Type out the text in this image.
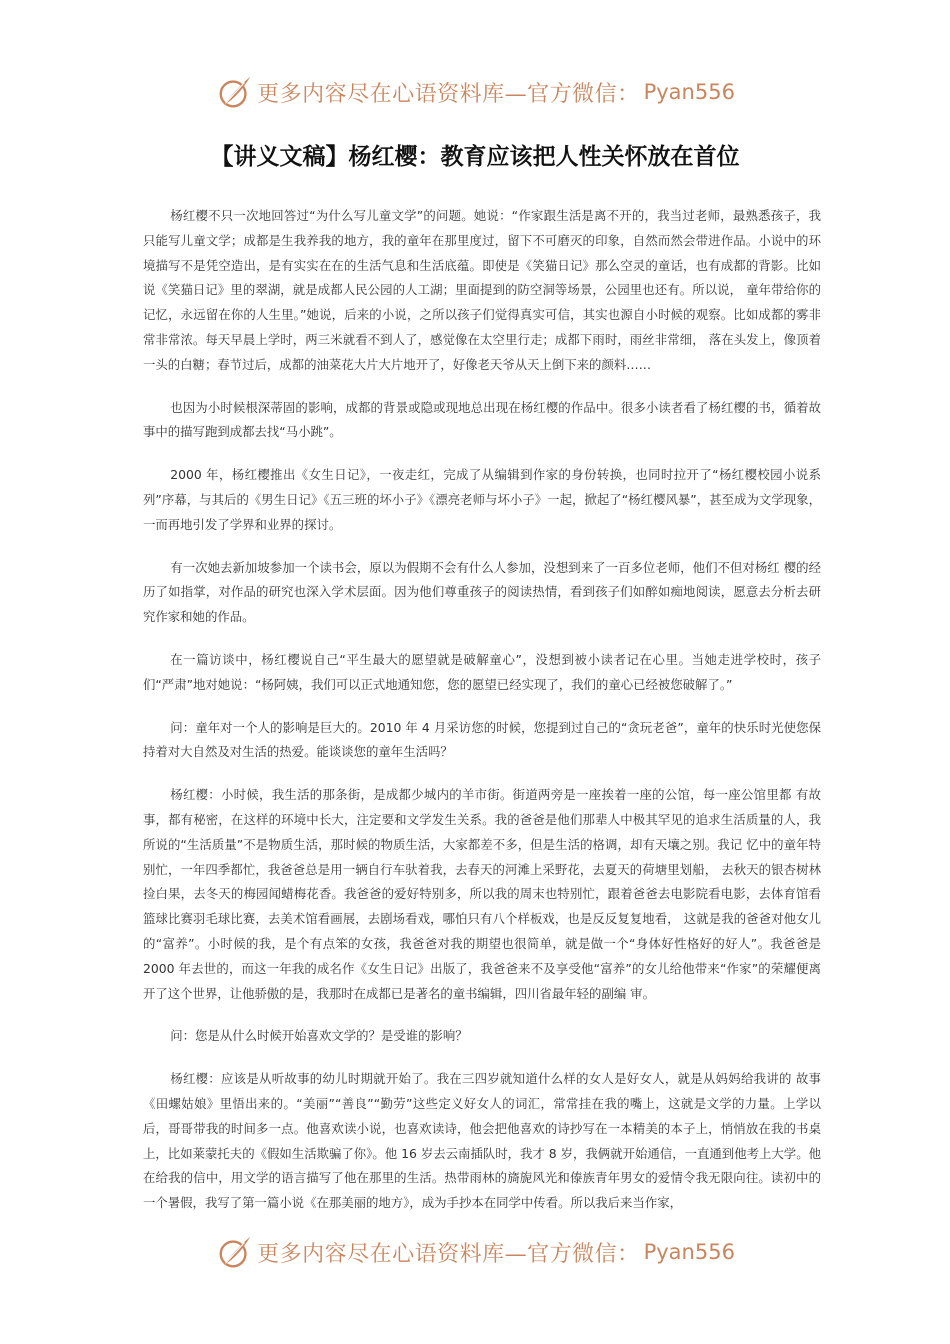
更多内容尽在心语资料库—官方微信： Pyan556
【讲义文稿】杨红樱：教育应该把人性关怀放在首位

杨红樱不只一次地回答过“为什么写儿童文学”的问题。她说：“作家跟生活是离不开的，我当过老师，最熟悉孩子，我只能写儿童文学；成都是生我养我的地方，我的童年在那里度过，留下不可磨灭的印象，自然而然会带进作品。小说中的环境描写不是凭空造出，是有实实在在的生活气息和生活底蕴。即使是《笑猫日记》那么空灵的童话，也有成都的背影。比如说《笑猫日记》里的翠湖，就是成都人民公园的人工湖；里面提到的防空洞等场景，公园里也还有。所以说， 童年带给你的记忆，永远留在你的人生里。”她说，后来的小说，之所以孩子们觉得真实可信，其实也源自小时候的观察。比如成都的雾非常非常浓。每天早晨上学时，两三米就看不到人了，感觉像在太空里行走；成都下雨时，雨丝非常细， 落在头发上，像顶着一头的白糖；春节过后，成都的油菜花大片大片地开了，好像老天爷从天上倒下来的颜料……

也因为小时候根深蒂固的影响，成都的背景或隐或现地总出现在杨红樱的作品中。很多小读者看了杨红樱的书，循着故事中的描写跑到成都去找“马小跳”。

2000 年，杨红樱推出《女生日记》，一夜走红，完成了从编辑到作家的身份转换，也同时拉开了“杨红樱校园小说系列”序幕，与其后的《男生日记》《五三班的坏小子》《漂亮老师与坏小子》一起，掀起了“杨红樱风暴”，甚至成为文学现象，一而再地引发了学界和业界的探讨。

有一次她去新加坡参加一个读书会，原以为假期不会有什么人参加，没想到来了一百多位老师，他们不但对杨红 樱的经历了如指掌，对作品的研究也深入学术层面。因为他们尊重孩子的阅读热情，看到孩子们如醉如痴地阅读，愿意去分析去研究作家和她的作品。

在一篇访谈中，杨红樱说自己“平生最大的愿望就是破解童心”，没想到被小读者记在心里。当她走进学校时，孩子们“严肃”地对她说：“杨阿姨，我们可以正式地通知您，您的愿望已经实现了，我们的童心已经被您破解了。”

问：童年对一个人的影响是巨大的。2010 年 4 月采访您的时候，您提到过自己的“贪玩老爸”，童年的快乐时光使您保持着对大自然及对生活的热爱。能谈谈您的童年生活吗？

杨红樱：小时候，我生活的那条街，是成都少城内的羊市街。街道两旁是一座挨着一座的公馆，每一座公馆里都 有故事，都有秘密，在这样的环境中长大，注定要和文学发生关系。我的爸爸是他们那辈人中极其罕见的追求生活质量的人，我所说的“生活质量”不是物质生活，那时候的物质生活，大家都差不多，但是生活的格调，却有天壤之别。我记 忆中的童年特别忙，一年四季都忙，我爸爸总是用一辆自行车驮着我，去春天的河滩上采野花，去夏天的荷塘里划船， 去秋天的银杏树林捡白果，去冬天的梅园闻蜡梅花香。我爸爸的爱好特别多，所以我的周末也特别忙，跟着爸爸去电影院看电影，去体育馆看篮球比赛羽毛球比赛，去美术馆看画展，去剧场看戏，哪怕只有八个样板戏，也是反反复复地看， 这就是我的爸爸对他女儿的“富养”。小时候的我，是个有点笨的女孩，我爸爸对我的期望也很简单，就是做一个“身体好性格好的好人”。我爸爸是 2000 年去世的，而这一年我的成名作《女生日记》出版了，我爸爸来不及享受他“富养”的女儿给他带来“作家”的荣耀便离开了这个世界，让他骄傲的是，我那时在成都已是著名的童书编辑，四川省最年轻的副编 审。

问：您是从什么时候开始喜欢文学的？是受谁的影响？

杨红樱：应该是从听故事的幼儿时期就开始了。我在三四岁就知道什么样的女人是好女人，就是从妈妈给我讲的 故事《田螺姑娘》里悟出来的。“美丽”“善良”“勤劳”这些定义好女人的词汇，常常挂在我的嘴上，这就是文学的力量。上学以后，哥哥带我的时间多一点。他喜欢读小说，也喜欢读诗，他会把他喜欢的诗抄写在一本精美的本子上，悄悄放在我的书桌上，比如莱蒙托夫的《假如生活欺骗了你》。他 16 岁去云南插队时，我才 8 岁，我俩就开始通信，一直通到他考上大学。他在给我的信中，用文学的语言描写了他在那里的生活。热带雨林的旖旎风光和傣族青年男女的爱情令我无限向往。读初中的一个暑假，我写了第一篇小说《在那美丽的地方》，成为手抄本在同学中传看。所以我后来当作家，

更多内容尽在心语资料库—官方微信： Pyan556
